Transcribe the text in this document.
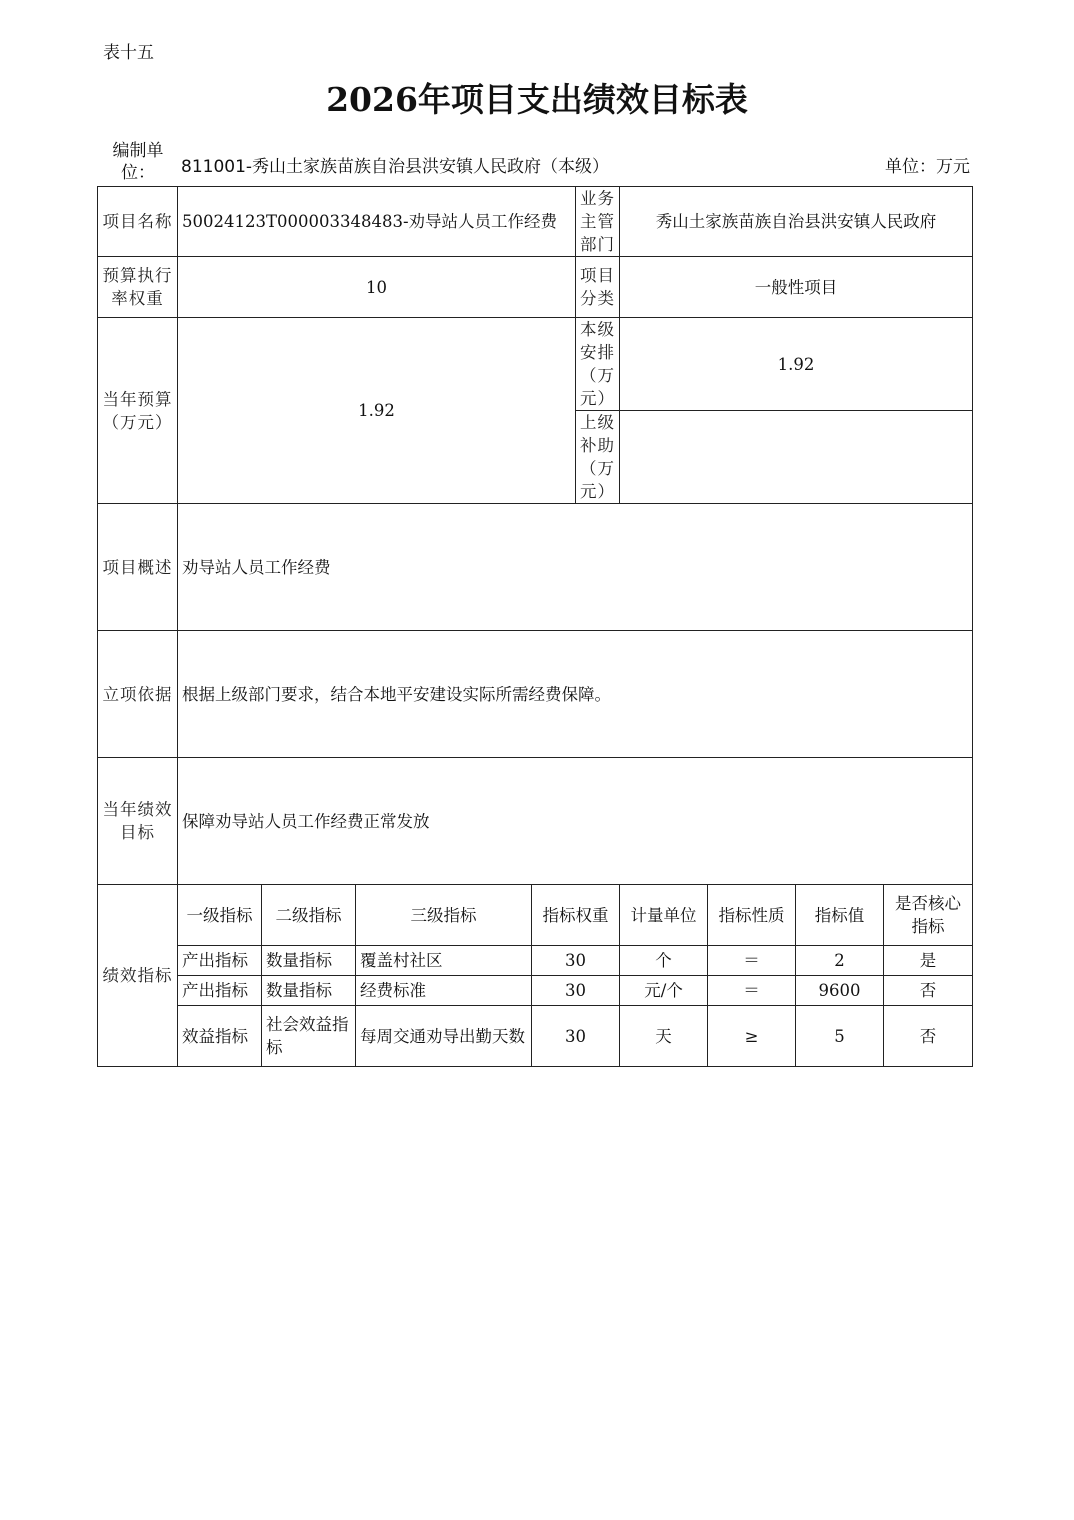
表十五
2026年项目支出绩效目标表
编制单位：	811001-秀山土家族苗族自治县洪安镇人民政府（本级）	单位：万元
项目名称	50024123T000003348483-劝导站人员工作经费				业务主管部门	秀山土家族苗族自治县洪安镇人民政府			
预算执行率权重	10				项目分类	一般性项目			
当年预算（万元）	1.92				本级安排（万元）	1.92			
					上级补助（万元）				
项目概述	劝导站人员工作经费								
立项依据	根据上级部门要求，结合本地平安建设实际所需经费保障。								
当年绩效目标	保障劝导站人员工作经费正常发放								
绩效指标	一级指标	二级指标	三级指标	指标权重		计量单位	指标性质	指标值	是否核心指标
	产出指标	数量指标	覆盖村社区	30		个	＝	2	是
	产出指标	数量指标	经费标准	30		元/个	＝	9600	否
	效益指标	社会效益指标	每周交通劝导出勤天数	30		天	≥	5	否
